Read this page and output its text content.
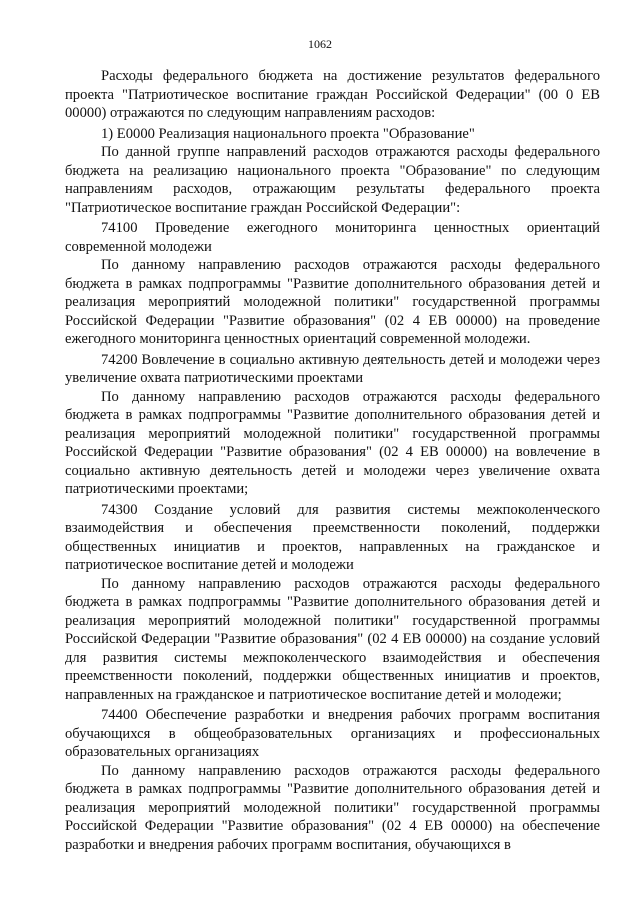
1062

Расходы федерального бюджета на достижение результатов федерального проекта "Патриотическое воспитание граждан Российской Федерации" (00 0 ЕВ 00000) отражаются по следующим направлениям расходов:

1) Е0000 Реализация национального проекта "Образование"

По данной группе направлений расходов отражаются расходы федерального бюджета на реализацию национального проекта "Образование" по следующим направлениям расходов, отражающим результаты федерального проекта "Патриотическое воспитание граждан Российской Федерации":

74100 Проведение ежегодного мониторинга ценностных ориентаций современной молодежи

По данному направлению расходов отражаются расходы федерального бюджета в рамках подпрограммы "Развитие дополнительного образования детей и реализация мероприятий молодежной политики" государственной программы Российской Федерации "Развитие образования" (02 4 ЕВ 00000) на проведение ежегодного мониторинга ценностных ориентаций современной молодежи.

74200 Вовлечение в социально активную деятельность детей и молодежи через увеличение охвата патриотическими проектами

По данному направлению расходов отражаются расходы федерального бюджета в рамках подпрограммы "Развитие дополнительного образования детей и реализация мероприятий молодежной политики" государственной программы Российской Федерации "Развитие образования" (02 4 ЕВ 00000) на вовлечение в социально активную деятельность детей и молодежи через увеличение охвата патриотическими проектами;

74300 Создание условий для развития системы межпоколенческого взаимодействия и обеспечения преемственности поколений, поддержки общественных инициатив и проектов, направленных на гражданское и патриотическое воспитание детей и молодежи

По данному направлению расходов отражаются расходы федерального бюджета в рамках подпрограммы "Развитие дополнительного образования детей и реализация мероприятий молодежной политики" государственной программы Российской Федерации "Развитие образования" (02 4 ЕВ 00000) на создание условий для развития системы межпоколенческого взаимодействия и обеспечения преемственности поколений, поддержки общественных инициатив и проектов, направленных на гражданское и патриотическое воспитание детей и молодежи;

74400 Обеспечение разработки и внедрения рабочих программ воспитания обучающихся в общеобразовательных организациях и профессиональных образовательных организациях

По данному направлению расходов отражаются расходы федерального бюджета в рамках подпрограммы "Развитие дополнительного образования детей и реализация мероприятий молодежной политики" государственной программы Российской Федерации "Развитие образования" (02 4 ЕВ 00000) на обеспечение разработки и внедрения рабочих программ воспитания, обучающихся в
